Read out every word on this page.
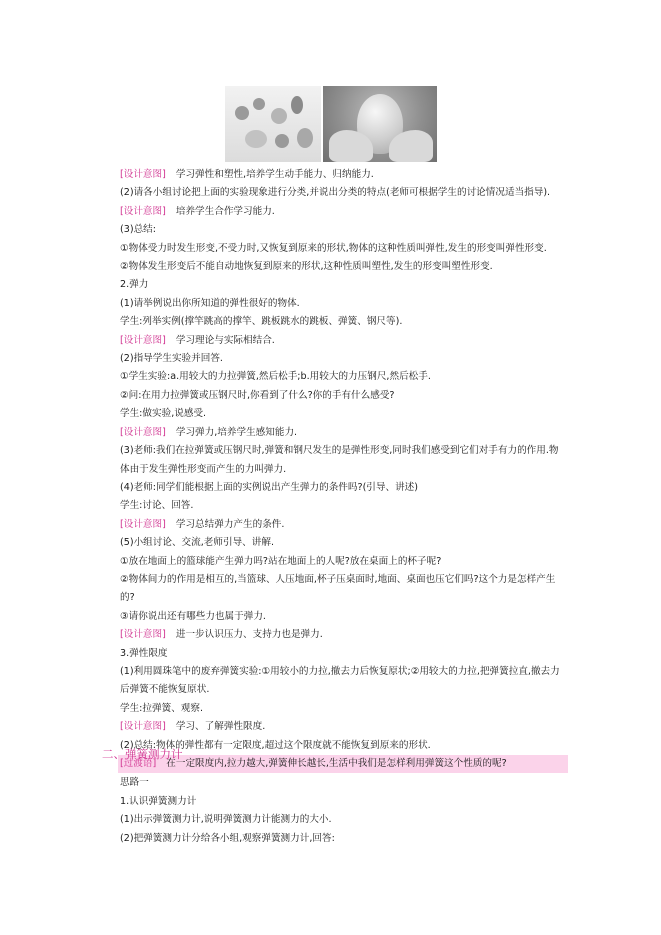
[设计意图] 学习弹性和塑性,培养学生动手能力、归纳能力.

(2)请各小组讨论把上面的实验现象进行分类,并说出分类的特点(老师可根据学生的讨论情况适当指导).

[设计意图] 培养学生合作学习能力.

(3)总结:

①物体受力时发生形变,不受力时,又恢复到原来的形状,物体的这种性质叫弹性,发生的形变叫弹性形变.

②物体发生形变后不能自动地恢复到原来的形状,这种性质叫塑性,发生的形变叫塑性形变.

2.弹力

(1)请举例说出你所知道的弹性很好的物体.

学生:列举实例(撑竿跳高的撑竿、跳板跳水的跳板、弹簧、钢尺等).

[设计意图] 学习理论与实际相结合.

(2)指导学生实验并回答.

①学生实验:a.用较大的力拉弹簧,然后松手;b.用较大的力压钢尺,然后松手.

②问:在用力拉弹簧或压钢尺时,你看到了什么?你的手有什么感受?

学生:做实验,说感受.

[设计意图] 学习弹力,培养学生感知能力.

(3)老师:我们在拉弹簧或压钢尺时,弹簧和钢尺发生的是弹性形变,同时我们感受到它们对手有力的作用.物体由于发生弹性形变而产生的力叫弹力.

(4)老师:同学们能根据上面的实例说出产生弹力的条件吗?(引导、讲述)

学生:讨论、回答.

[设计意图] 学习总结弹力产生的条件.

(5)小组讨论、交流,老师引导、讲解.

①放在地面上的篮球能产生弹力吗?站在地面上的人呢?放在桌面上的杯子呢?

②物体间力的作用是相互的,当篮球、人压地面,杯子压桌面时,地面、桌面也压它们吗?这个力是怎样产生的?

③请你说出还有哪些力也属于弹力.

[设计意图] 进一步认识压力、支持力也是弹力.

3.弹性限度

(1)利用圆珠笔中的废弃弹簧实验:①用较小的力拉,撤去力后恢复原状;②用较大的力拉,把弹簧拉直,撤去力后弹簧不能恢复原状.

学生:拉弹簧、观察.

[设计意图] 学习、了解弹性限度.

(2)总结:物体的弹性都有一定限度,超过这个限度就不能恢复到原来的形状.

[过渡语] 在一定限度内,拉力越大,弹簧伸长越长,生活中我们是怎样利用弹簧这个性质的呢?

二、弹簧测力计

思路一

1.认识弹簧测力计

(1)出示弹簧测力计,说明弹簧测力计能测力的大小.

(2)把弹簧测力计分给各小组,观察弹簧测力计,回答:
